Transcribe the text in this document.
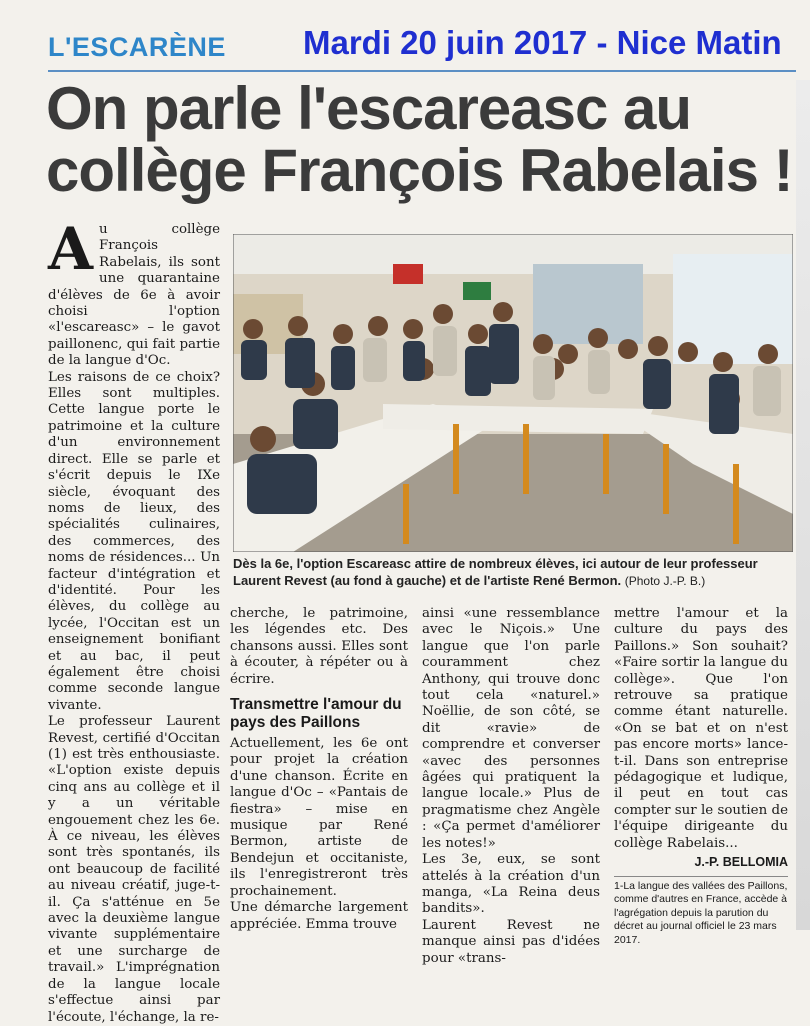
L'ESCARÈNE Mardi 20 juin 2017 - Nice Matin
On parle l'escareasc au collège François Rabelais !
Dès la 6e, l'option Escareasc attire de nombreux élèves, ici autour de leur professeur Laurent Revest (au fond à gauche) et de l'artiste René Bermon. (Photo J.-P. B.)
A u collège François Rabelais, ils sont une quarantaine d'élèves de 6e à avoir choisi l'option «l'escareasc» – le gavot paillonenc, qui fait partie de la langue d'Oc.

Les raisons de ce choix? Elles sont multiples. Cette langue porte le patrimoine et la culture d'un environnement direct. Elle se parle et s'écrit depuis le IXe siècle, évoquant des noms de lieux, des spécialités culinaires, des commerces, des noms de résidences... Un facteur d'intégration et d'identité. Pour les élèves, du collège au lycée, l'Occitan est un enseignement bonifiant et au bac, il peut également être choisi comme seconde langue vivante.

Le professeur Laurent Revest, certifié d'Occitan (1) est très enthousiaste. «L'option existe depuis cinq ans au collège et il y a un véritable engouement chez les 6e. À ce niveau, les élèves sont très spontanés, ils ont beaucoup de facilité au niveau créatif, juge-t-il. Ça s'atténue en 5e avec la deuxième langue vivante supplémentaire et une surcharge de travail.» L'imprégnation de la langue locale s'effectue ainsi par l'écoute, l'échange, la re-

cherche, le patrimoine, les légendes etc. Des chansons aussi. Elles sont à écouter, à répéter ou à écrire.

Transmettre l'amour du pays des Paillons

Actuellement, les 6e ont pour projet la création d'une chanson. Écrite en langue d'Oc – «Pantais de fiestra» – mise en musique par René Bermon, artiste de Bendejun et occitaniste, ils l'enregistreront très prochainement.

Une démarche largement appréciée. Emma trouve

ainsi «une ressemblance avec le Niçois.» Une langue que l'on parle couramment chez Anthony, qui trouve donc tout cela «naturel.» Noëllie, de son côté, se dit «ravie» de comprendre et converser «avec des personnes âgées qui pratiquent la langue locale.» Plus de pragmatisme chez Angèle : «Ça permet d'améliorer les notes!»

Les 3e, eux, se sont attelés à la création d'un manga, «La Reina deus bandits».

Laurent Revest ne manque ainsi pas d'idées pour «trans-

mettre l'amour et la culture du pays des Paillons.» Son souhait? «Faire sortir la langue du collège». Que l'on retrouve sa pratique comme étant naturelle. «On se bat et on n'est pas encore morts» lance-t-il. Dans son entreprise pédagogique et ludique, il peut en tout cas compter sur le soutien de l'équipe dirigeante du collège Rabelais...

J.-P. BELLOMIA

1-La langue des vallées des Paillons, comme d'autres en France, accède à l'agrégation depuis la parution du décret au journal officiel le 23 mars 2017.
